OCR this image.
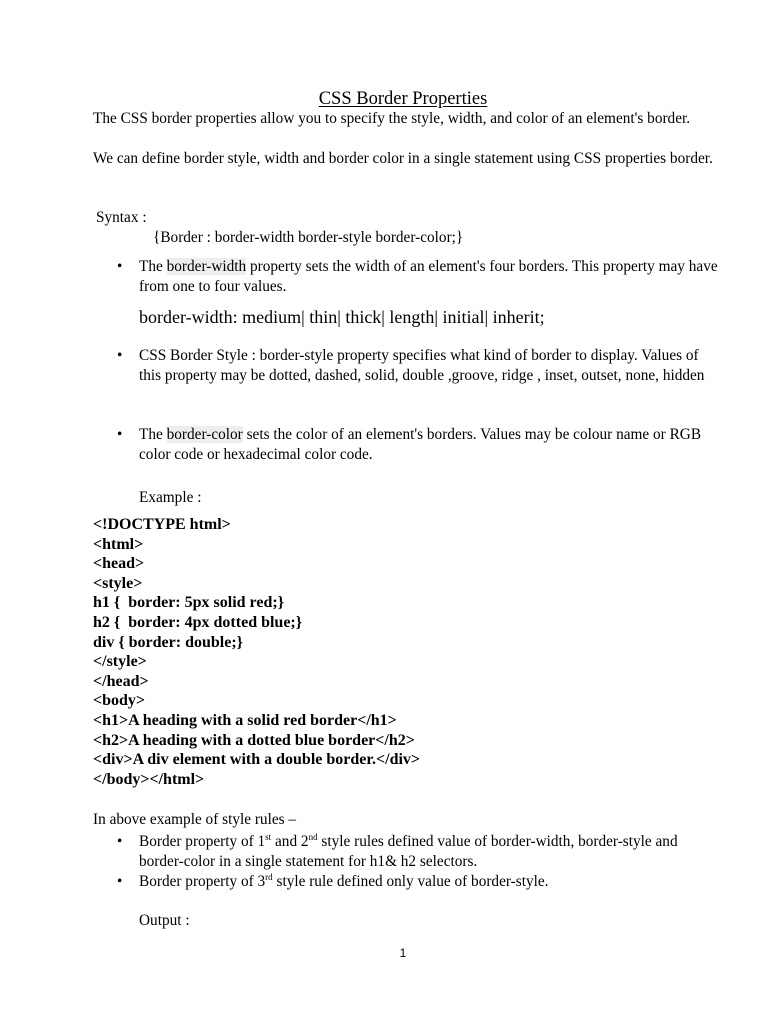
CSS Border Properties

The CSS border properties allow you to specify the style, width, and color of an element's border.

We can define border style, width and border color in a single statement using CSS properties border.

Syntax :
{Border : border-width border-style border-color;}
• The border-width property sets the width of an element's four borders. This property may have from one to four values.

border-width: medium| thin| thick| length| initial| inherit;
• CSS Border Style : border-style property specifies what kind of border to display. Values of this property may be dotted, dashed, solid, double ,groove, ridge , inset, outset, none, hidden

• The border-color sets the color of an element's borders. Values may be colour name or RGB color code or hexadecimal color code.

Example :
<!DOCTYPE html>
<html>
<head>
<style>
h1 {  border: 5px solid red;}
h2 {  border: 4px dotted blue;}
div { border: double;}
</style>
</head>
<body>
<h1>A heading with a solid red border</h1>
<h2>A heading with a dotted blue border</h2>
<div>A div element with a double border.</div>
</body></html>
In above example of style rules –
• Border property of 1st and 2nd style rules defined value of border-width, border-style and border-color in a single statement for h1& h2 selectors.

• Border property of 3rd style rule defined only value of border-style.

Output :
1
